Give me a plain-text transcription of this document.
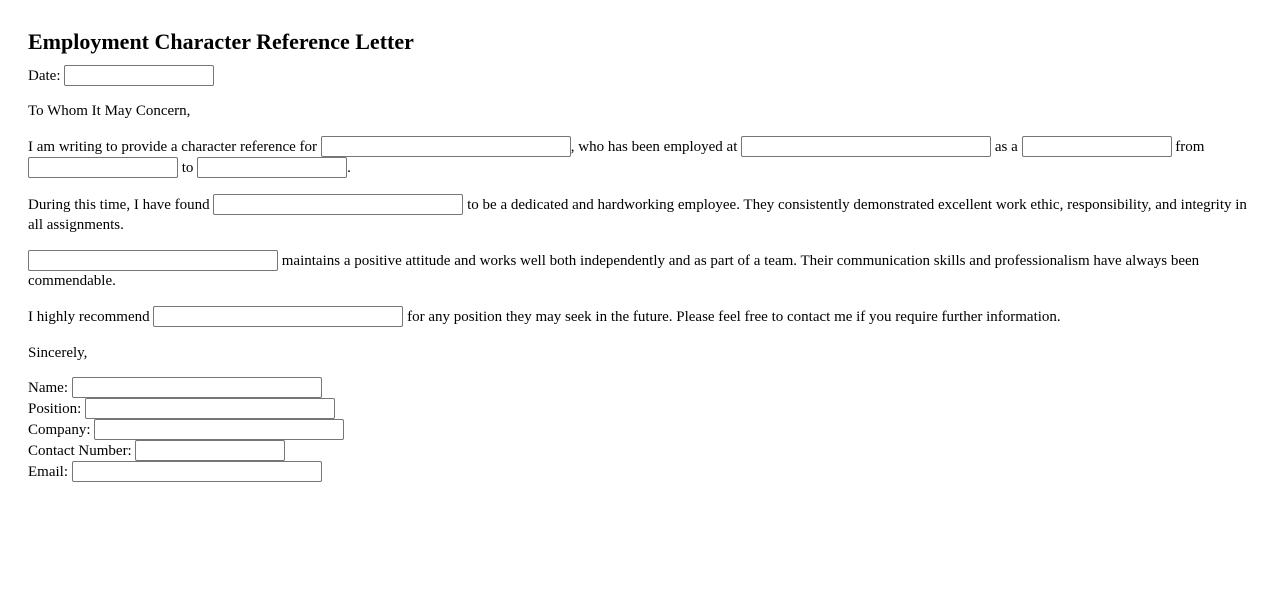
Employment Character Reference Letter

Date:

To Whom It May Concern,

I am writing to provide a character reference for	, who has been employed at	as a	from  to	.

During this time, I have found	to be a dedicated and hardworking employee. They consistently demonstrated excellent work ethic, responsibility, and integrity in all assignments.

maintains a positive attitude and works well both independently and as part of a team. Their communication skills and professionalism have always been commendable.

I highly recommend	for any position they may seek in the future. Please feel free to contact me if you require further information.

Sincerely,

Name:
Position:
Company:
Contact Number:
Email:
